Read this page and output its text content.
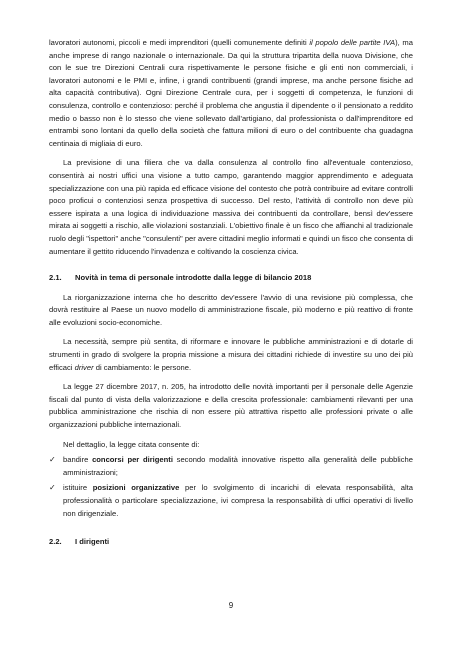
lavoratori autonomi, piccoli e medi imprenditori (quelli comunemente definiti il popolo delle partite IVA), ma anche imprese di rango nazionale o internazionale. Da qui la struttura tripartita della nuova Divisione, che con le sue tre Direzioni Centrali cura rispettivamente le persone fisiche e gli enti non commerciali, i lavoratori autonomi e le PMI e, infine, i grandi contribuenti (grandi imprese, ma anche persone fisiche ad alta capacità contributiva). Ogni Direzione Centrale cura, per i soggetti di competenza, le funzioni di consulenza, controllo e contenzioso: perché il problema che angustia il dipendente o il pensionato a reddito medio o basso non è lo stesso che viene sollevato dall'artigiano, dal professionista o dall'imprenditore ed entrambi sono lontani da quello della società che fattura milioni di euro o del contribuente cha guadagna centinaia di migliaia di euro.

La previsione di una filiera che va dalla consulenza al controllo fino all'eventuale contenzioso, consentirà ai nostri uffici una visione a tutto campo, garantendo maggior apprendimento e adeguata specializzazione con una più rapida ed efficace visione del contesto che potrà contribuire ad evitare controlli poco proficui o contenziosi senza prospettiva di successo. Del resto, l'attività di controllo non deve più essere ispirata a una logica di individuazione massiva dei contribuenti da controllare, bensì dev'essere mirata ai soggetti a rischio, alle violazioni sostanziali. L'obiettivo finale è un fisco che affianchi al tradizionale ruolo degli "ispettori" anche "consulenti" per avere cittadini meglio informati e quindi un fisco che consenta di aumentare il gettito riducendo l'invadenza e coltivando la coscienza civica.

2.1. Novità in tema di personale introdotte dalla legge di bilancio 2018

La riorganizzazione interna che ho descritto dev'essere l'avvio di una revisione più complessa, che dovrà restituire al Paese un nuovo modello di amministrazione fiscale, più moderno e più reattivo di fronte alle evoluzioni socio-economiche.

La necessità, sempre più sentita, di riformare e innovare le pubbliche amministrazioni e di dotarle di strumenti in grado di svolgere la propria missione a misura dei cittadini richiede di investire su uno dei più efficaci driver di cambiamento: le persone.

La legge 27 dicembre 2017, n. 205, ha introdotto delle novità importanti per il personale delle Agenzie fiscali dal punto di vista della valorizzazione e della crescita professionale: cambiamenti rilevanti per una pubblica amministrazione che rischia di non essere più attrattiva rispetto alle professioni private o alle organizzazioni pubbliche internazionali.

Nel dettaglio, la legge citata consente di:

✓ bandire concorsi per dirigenti secondo modalità innovative rispetto alla generalità delle pubbliche amministrazioni;
✓ istituire posizioni organizzative per lo svolgimento di incarichi di elevata responsabilità, alta professionalità o particolare specializzazione, ivi compresa la responsabilità di uffici operativi di livello non dirigenziale.
2.2. I dirigenti
9
